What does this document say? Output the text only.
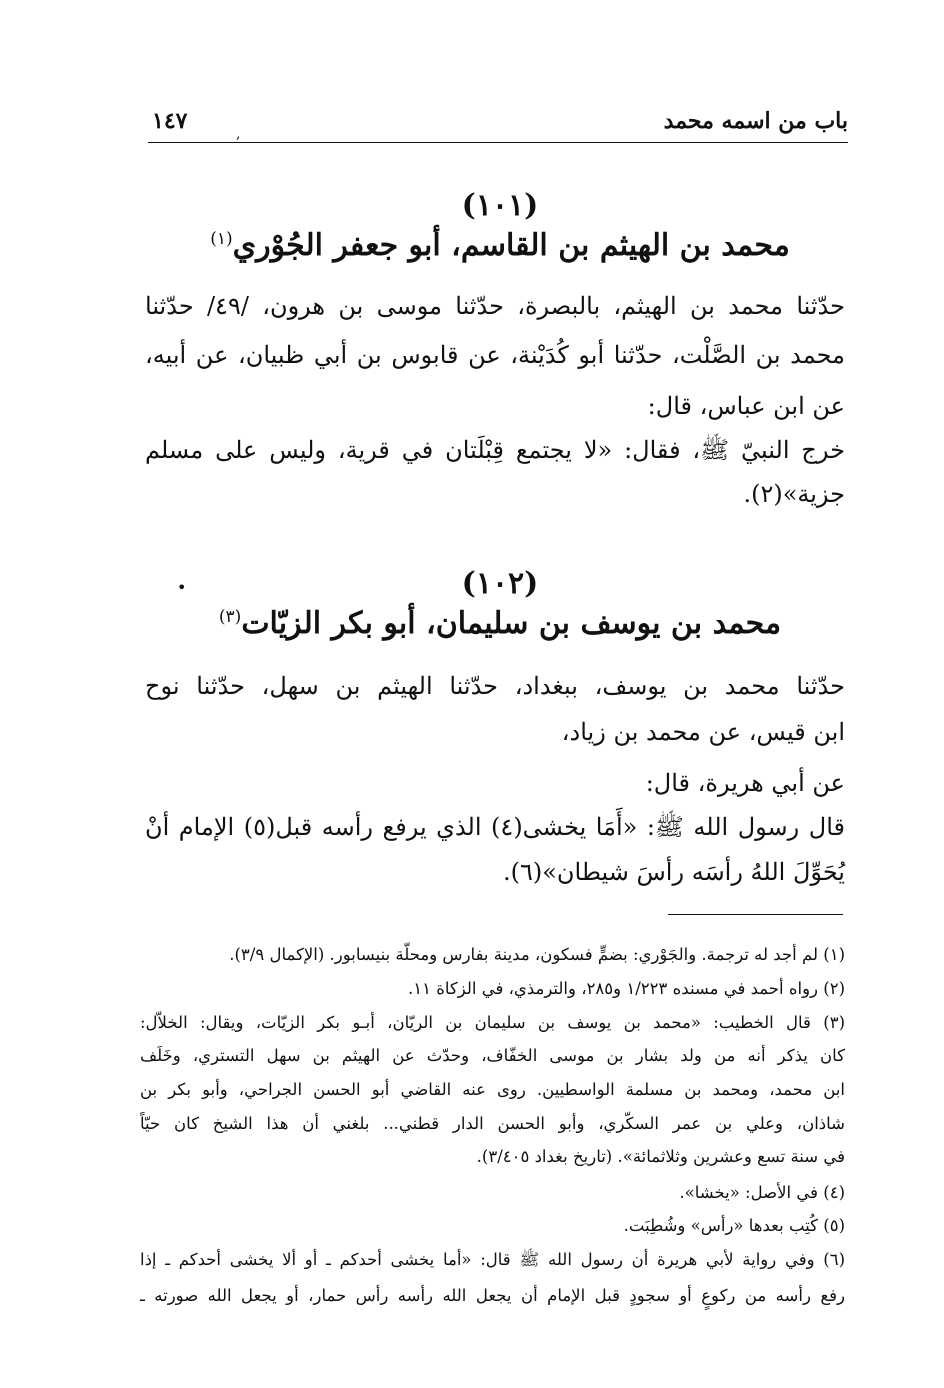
باب من اسمه محمد
,
١٤٧
(١٠١)
محمد بن الهيثم بن القاسم، أبو جعفر الجُوْري$^{(١)}$
حدّثنا محمد بن الهيثم، بالبصرة، حدّثنا موسى بن هرون، /٤٩/ حدّثنا
محمد بن الصَّلْت، حدّثنا أبو كُدَيْنة، عن قابوس بن أبي ظبيان، عن أبيه،
عن ابن عباس، قال:
خرج النبيّ ﷺ، فقال: «لا يجتمع قِبْلَتان في قرية، وليس على مسلم
جزية»(٢).
•	(١٠٢)
محمد بن يوسف بن سليمان، أبو بكر الزيّات$^{(٣)}$
حدّثنا محمد بن يوسف، ببغداد، حدّثنا الهيثم بن سهل، حدّثنا نوح
ابن قيس، عن محمد بن زياد،
عن أبي هريرة، قال:
قال رسول الله ﷺ: «أَمَا يخشى(٤) الذي يرفع رأسه قبل(٥) الإمام أنْ
يُحَوِّلَ اللهُ رأسَه رأسَ شيطان»(٦).
(١) لم أجد له ترجمة. والجَوْري: بضمٍّ فسكون، مدينة بفارس ومحلّة بنيسابور. (الإكمال ٣/٩).
(٢) رواه أحمد في مسنده ١/٢٢٣ و٢٨٥، والترمذي، في الزكاة ١١.
(٣) قال الخطيب: «محمد بن يوسف بن سليمان بن الريّان، أبـو بكر الزيّات، ويقال: الخلاّل:
كان يذكر أنه من ولد بشار بن موسى الخفّاف، وحدّث عن الهيثم بن سهل التستري، وخَلَف
ابن محمد، ومحمد بن مسلمة الواسطيين. روى عنه القاضي أبو الحسن الجراحي، وأبو بكر بن
شاذان، وعلي بن عمر السكّري، وأبو الحسن الدار قطني... بلغني أن هذا الشيخ كان حيّاً
في سنة تسع وعشرين وثلاثمائة». (تاريخ بغداد ٣/٤٠٥).
(٤) في الأصل: «يخشا».
(٥) كُتِب بعدها «رأس» وشُطِبَت.
(٦) وفي رواية لأبي هريرة أن رسول الله ﷺ قال: «أما يخشى أحدكم ـ أو ألا يخشى أحدكم ـ إذا
رفع رأسه من ركوعٍ أو سجودٍ قبل الإمام أن يجعل الله رأسه رأس حمار، أو يجعل الله صورته ـ
